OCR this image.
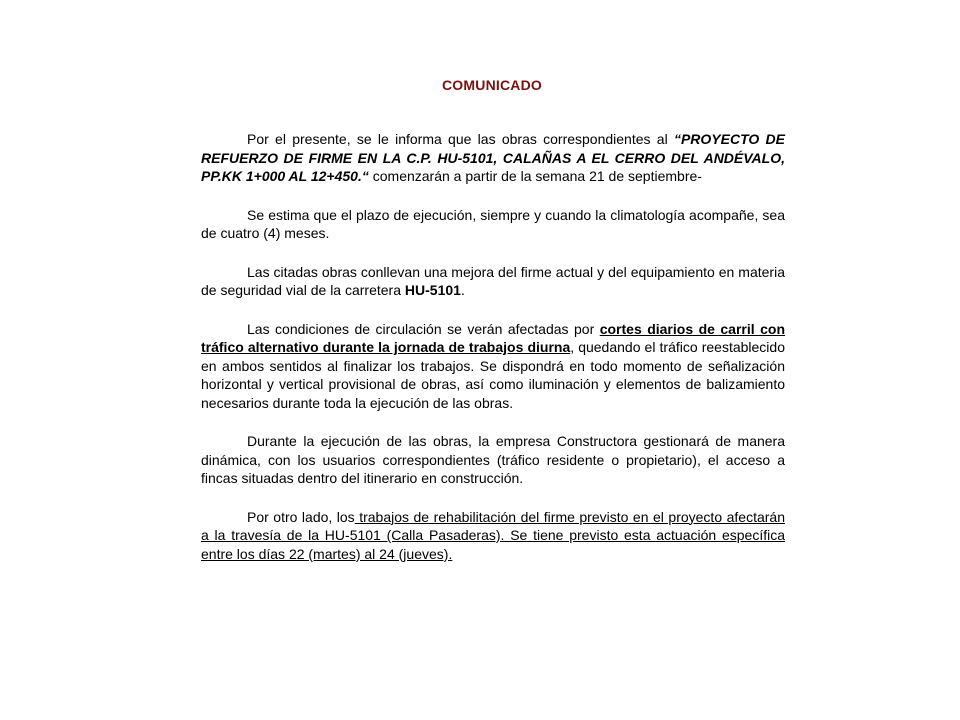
COMUNICADO

Por el presente, se le informa que las obras correspondientes al “PROYECTO DE REFUERZO DE FIRME EN LA C.P. HU-5101, CALAÑAS A EL CERRO DEL ANDÉVALO, PP.KK 1+000 AL 12+450.“ comenzarán a partir de la semana 21 de septiembre-

Se estima que el plazo de ejecución, siempre y cuando la climatología acompañe, sea de cuatro (4) meses.

Las citadas obras conllevan una mejora del firme actual y del equipamiento en materia de seguridad vial de la carretera HU-5101.

Las condiciones de circulación se verán afectadas por cortes diarios de carril con tráfico alternativo durante la jornada de trabajos diurna, quedando el tráfico reestablecido en ambos sentidos al finalizar los trabajos. Se dispondrá en todo momento de señalización horizontal y vertical provisional de obras, así como iluminación y elementos de balizamiento necesarios durante toda la ejecución de las obras.

Durante la ejecución de las obras, la empresa Constructora gestionará de manera dinámica, con los usuarios correspondientes (tráfico residente o propietario), el acceso a fincas situadas dentro del itinerario en construcción.

Por otro lado, los trabajos de rehabilitación del firme previsto en el proyecto afectarán a la travesía de la HU-5101 (Calla Pasaderas). Se tiene previsto esta actuación específica entre los días 22 (martes) al 24 (jueves).
